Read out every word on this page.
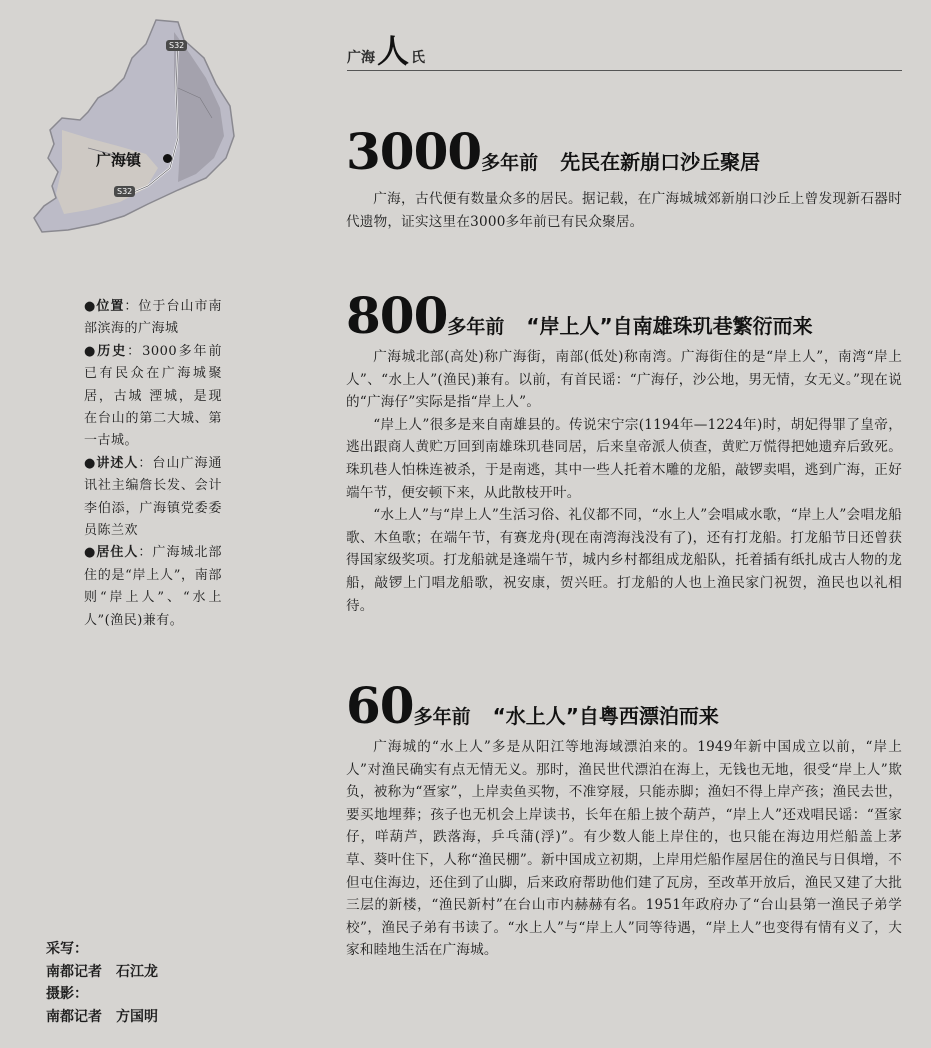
S32
S32
广海镇

●位置：位于台山市南部滨海的广海城

●历史：3000多年前已有民众在广海城聚居，古城 湮城，是现在台山的第二大城、第一古城。

●讲述人：台山广海通讯社主编詹长发、会计李伯添，广海镇党委委员陈兰欢

●居住人：广海城北部住的是“岸上人”，南部则“岸上人”、“水上人”(渔民)兼有。

采写：
南都记者　石江龙
摄影：
南都记者　方国明
广海人 氏
3000多年前 先民在新崩口沙丘聚居

广海，古代便有数量众多的居民。据记载，在广海城城郊新崩口沙丘上曾发现新石器时代遗物，证实这里在3000多年前已有民众聚居。

800多年前 “岸上人”自南雄珠玑巷繁衍而来

广海城北部(高处)称广海街，南部(低处)称南湾。广海街住的是“岸上人”，南湾“岸上人”、“水上人”(渔民)兼有。以前，有首民谣：“广海仔，沙公地，男无情，女无义。”现在说的“广海仔”实际是指“岸上人”。

“岸上人”很多是来自南雄县的。传说宋宁宗(1194年—1224年)时，胡妃得罪了皇帝，逃出跟商人黄贮万回到南雄珠玑巷同居，后来皇帝派人侦查，黄贮万慌得把她遗弃后致死。珠玑巷人怕株连被杀，于是南逃，其中一些人托着木雕的龙船，敲锣卖唱，逃到广海，正好端午节，便安顿下来，从此散枝开叶。

“水上人”与“岸上人”生活习俗、礼仪都不同，“水上人”会唱咸水歌，“岸上人”会唱龙船歌、木鱼歌；在端午节，有赛龙舟(现在南湾海浅没有了)，还有打龙船。打龙船节日还曾获得国家级奖项。打龙船就是逢端午节，城内乡村都组成龙船队，托着插有纸扎成古人物的龙船，敲锣上门唱龙船歌，祝安康，贺兴旺。打龙船的人也上渔民家门祝贺，渔民也以礼相待。

60多年前 “水上人”自粤西漂泊而来

广海城的“水上人”多是从阳江等地海域漂泊来的。1949年新中国成立以前，“岸上人”对渔民确实有点无情无义。那时，渔民世代漂泊在海上，无钱也无地，很受“岸上人”欺负，被称为“疍家”，上岸卖鱼买物，不准穿屐，只能赤脚；渔妇不得上岸产孩；渔民去世，要买地埋葬；孩子也无机会上岸读书，长年在船上披个葫芦，“岸上人”还戏唱民谣：“疍家仔，咩葫芦，跌落海，乒乓蒲(浮)”。有少数人能上岸住的，也只能在海边用烂船盖上茅草、葵叶住下，人称“渔民棚”。新中国成立初期，上岸用烂船作屋居住的渔民与日俱增，不但屯住海边，还住到了山脚，后来政府帮助他们建了瓦房，至改革开放后，渔民又建了大批三层的新楼，“渔民新村”在台山市内赫赫有名。1951年政府办了“台山县第一渔民子弟学校”，渔民子弟有书读了。“水上人”与“岸上人”同等待遇，“岸上人”也变得有情有义了，大家和睦地生活在广海城。
